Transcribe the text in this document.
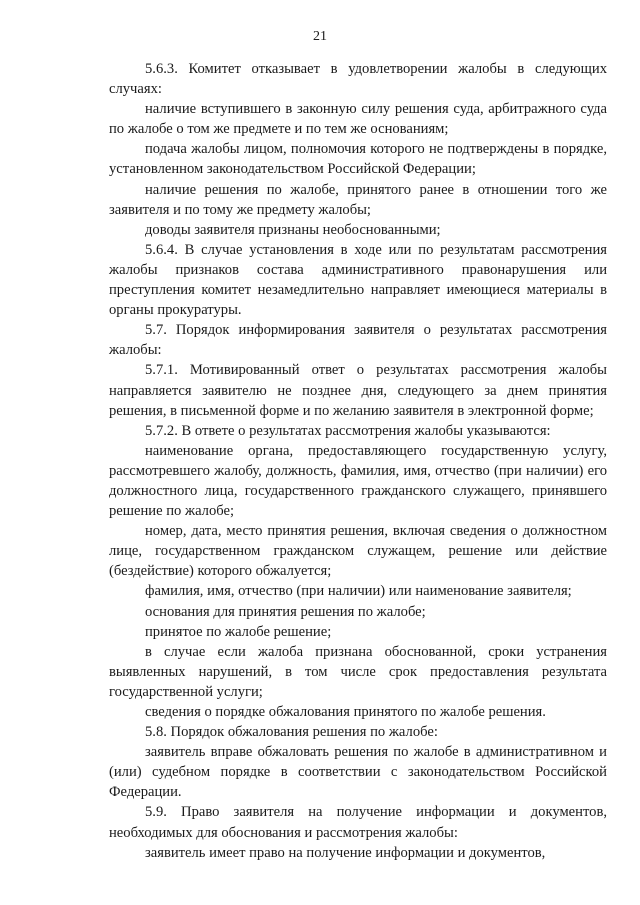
21

5.6.3. Комитет отказывает в удовлетворении жалобы в следующих случаях:

наличие вступившего в законную силу решения суда, арбитражного суда по жалобе о том же предмете и по тем же основаниям;

подача жалобы лицом, полномочия которого не подтверждены в порядке, установленном законодательством Российской Федерации;

наличие решения по жалобе, принятого ранее в отношении того же заявителя и по тому же предмету жалобы;

доводы заявителя признаны необоснованными;

5.6.4. В случае установления в ходе или по результатам рассмотрения жалобы признаков состава административного правонарушения или преступления комитет незамедлительно направляет имеющиеся материалы в органы прокуратуры.

5.7. Порядок информирования заявителя о результатах рассмотрения жалобы:

5.7.1. Мотивированный ответ о результатах рассмотрения жалобы направляется заявителю не позднее дня, следующего за днем принятия решения, в письменной форме и по желанию заявителя в электронной форме;

5.7.2. В ответе о результатах рассмотрения жалобы указываются:

наименование органа, предоставляющего государственную услугу, рассмотревшего жалобу, должность, фамилия, имя, отчество (при наличии) его должностного лица, государственного гражданского служащего, принявшего решение по жалобе;

номер, дата, место принятия решения, включая сведения о должностном лице, государственном гражданском служащем, решение или действие (бездействие) которого обжалуется;

фамилия, имя, отчество (при наличии) или наименование заявителя;

основания для принятия решения по жалобе;

принятое по жалобе решение;

в случае если жалоба признана обоснованной, сроки устранения выявленных нарушений, в том числе срок предоставления результата государственной услуги;

сведения о порядке обжалования принятого по жалобе решения.

5.8. Порядок обжалования решения по жалобе:

заявитель вправе обжаловать решения по жалобе в административном и (или) судебном порядке в соответствии с законодательством Российской Федерации.

5.9. Право заявителя на получение информации и документов, необходимых для обоснования и рассмотрения жалобы:

заявитель имеет право на получение информации и документов,
